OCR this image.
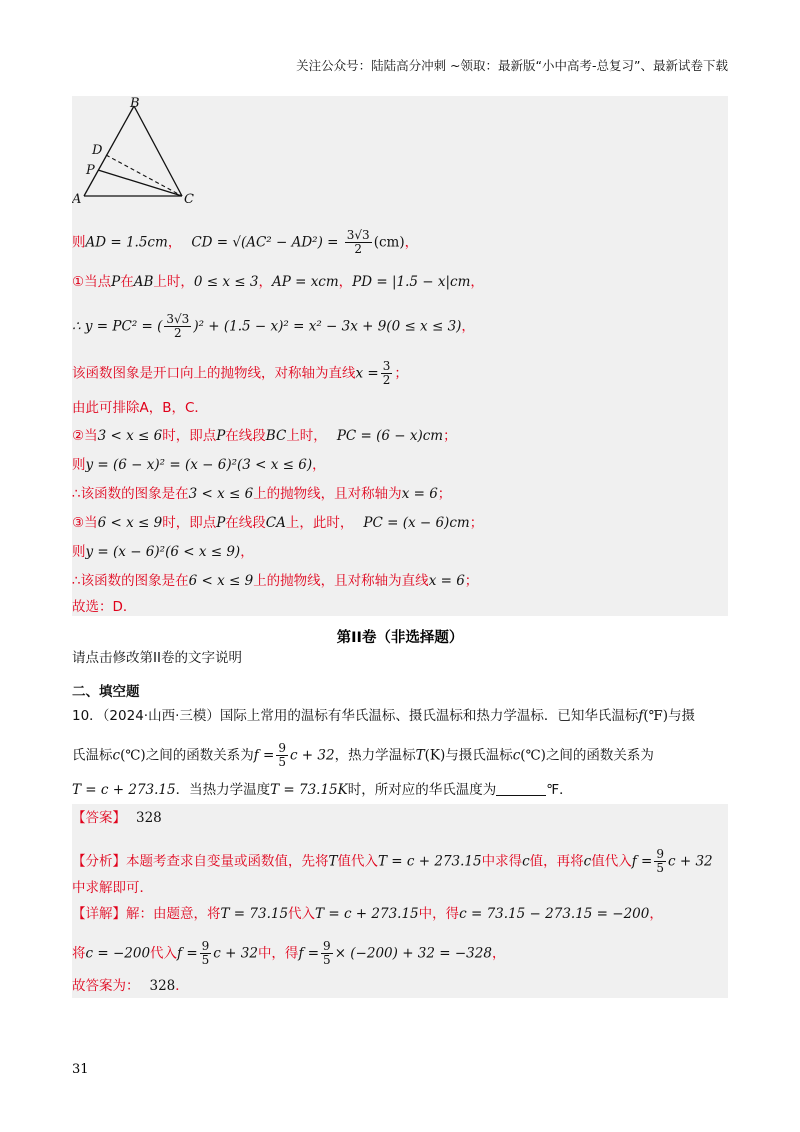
关注公众号：陆陆高分冲刺 ~领取：最新版“小中高考-总复习”、最新试卷下载
B
D
P
A	C
则AD = 1.5cm， CD = $√(AC^2 - AD^2) = \frac{3√3}{2} (cm)$，
①当点P在AB上时，0 ≤ x ≤ 3，AP = xcm，PD = |1.5 − x|cm，
∴ y = PC² = ( $\frac{3√3}{2} )^2 + (1.5 - x)^2 = x^2 - 3x + 9(0 \le x \le 3)$，
该函数图象是开口向上的抛物线，对称轴为直线$x = \frac{3}{2}$ ；
由此可排除A，B，C．
②当3 < x ≤ 6时，即点P在线段BC上时， PC = (6 − x)cm；
则y = (6 − x)² = (x − 6)²(3 < x ≤ 6)，
∴该函数的图象是在3 < x ≤ 6上的抛物线，且对称轴为x = 6；
③当6 < x ≤ 9时，即点P在线段CA上，此时， PC = (x − 6)cm；
则y = (x − 6)²(6 < x ≤ 9)，
∴该函数的图象是在6 < x ≤ 9上的抛物线，且对称轴为直线x = 6；
故选：D．
第II卷（非选择题）
请点击修改第II卷的文字说明
二、填空题
10．（2024·山西·三模）国际上常用的温标有华氏温标、摄氏温标和热力学温标．已知华氏温标f(℉)与摄
氏温标c(℃)之间的函数关系为$f = \frac{9}{5}$ c + 32，热力学温标T(K)与摄氏温标c(℃)之间的函数关系为
T = c + 273.15．当热力学温度T = 73.15K时，所对应的华氏温度为	℉．
【答案】 328
【分析】本题考查求自变量或函数值，先将T值代入T = c + 273.15中求得c值，再将c值代入$f = \frac{9}{5}$ c + 32
中求解即可．
【详解】解：由题意，将T = 73.15代入T = c + 273.15中，得c = 73.15 − 273.15 = −200，
将c = −200代入$f = \frac{9}{5}$ c + 32中，得$f = \frac{9}{5} \times (-200) + 32 = -328$，
故答案为： 328．
31
